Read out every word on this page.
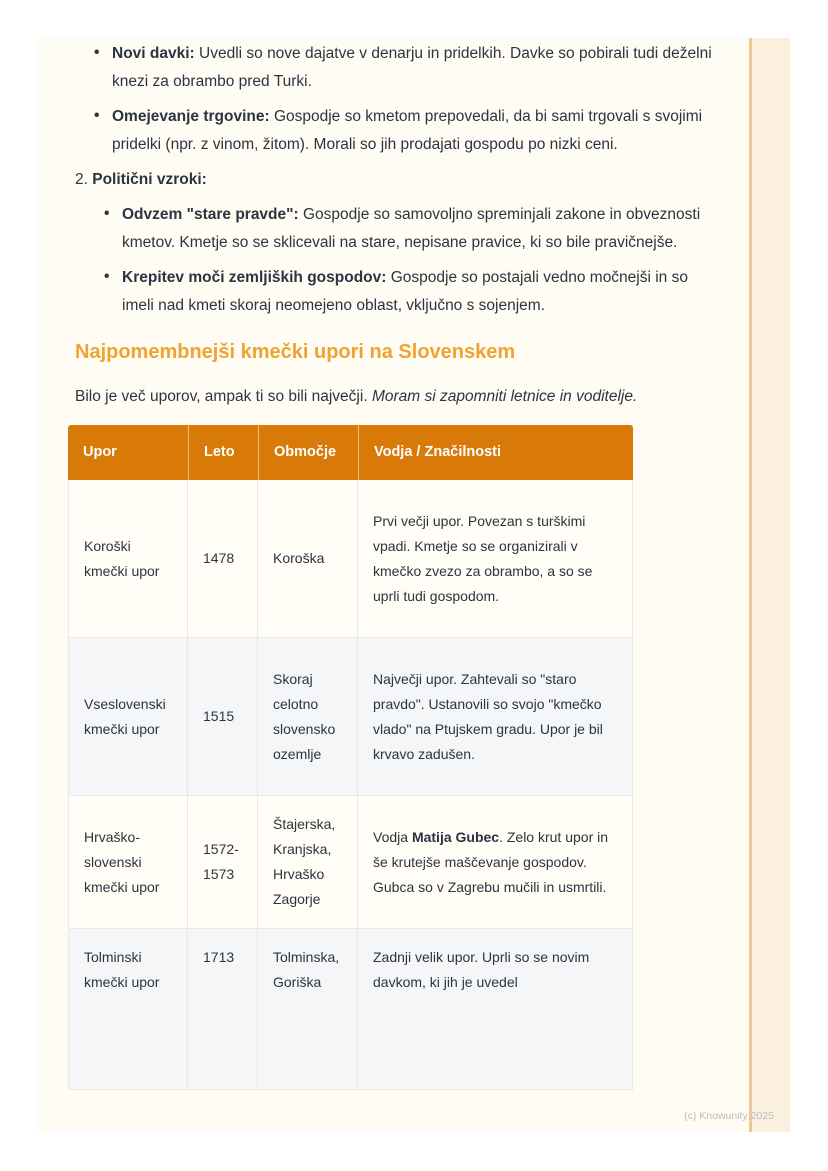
• Novi davki: Uvedli so nove dajatve v denarju in pridelkih. Davke so pobirali tudi deželni knezi za obrambo pred Turki.
• Omejevanje trgovine: Gospodje so kmetom prepovedali, da bi sami trgovali s svojimi pridelki (npr. z vinom, žitom). Morali so jih prodajati gospodu po nizki ceni.
2. Politični vzroki:
• Odvzem "stare pravde": Gospodje so samovoljno spreminjali zakone in obveznosti kmetov. Kmetje so se sklicevali na stare, nepisane pravice, ki so bile pravičnejše.
• Krepitev moči zemljiških gospodov: Gospodje so postajali vedno močnejši in so imeli nad kmeti skoraj neomejeno oblast, vključno s sojenjem.
Najpomembnejši kmečki upori na Slovenskem

Bilo je več uporov, ampak ti so bili največji. Moram si zapomniti letnice in voditelje.

Upor	Leto	Območje	Vodja / Značilnosti
Koroški kmečki upor	1478	Koroška	Prvi večji upor. Povezan s turškimi vpadi. Kmetje so se organizirali v kmečko zvezo za obrambo, a so se uprli tudi gospodom.
Vseslovenski kmečki upor	1515	Skoraj celotno slovensko ozemlje	Največji upor. Zahtevali so "staro pravdo". Ustanovili so svojo "kmečko vlado" na Ptujskem gradu. Upor je bil krvavo zadušen.
Hrvaško-slovenski kmečki upor	1572-1573	Štajerska, Kranjska, Hrvaško Zagorje	Vodja Matija Gubec. Zelo krut upor in še krutejše maščevanje gospodov. Gubca so v Zagrebu mučili in usmrtili.
Tolminski kmečki upor	1713	Tolminska, Goriška	Zadnji velik upor. Uprli so se novim davkom, ki jih je uvedel
(c) Knowunity 2025
